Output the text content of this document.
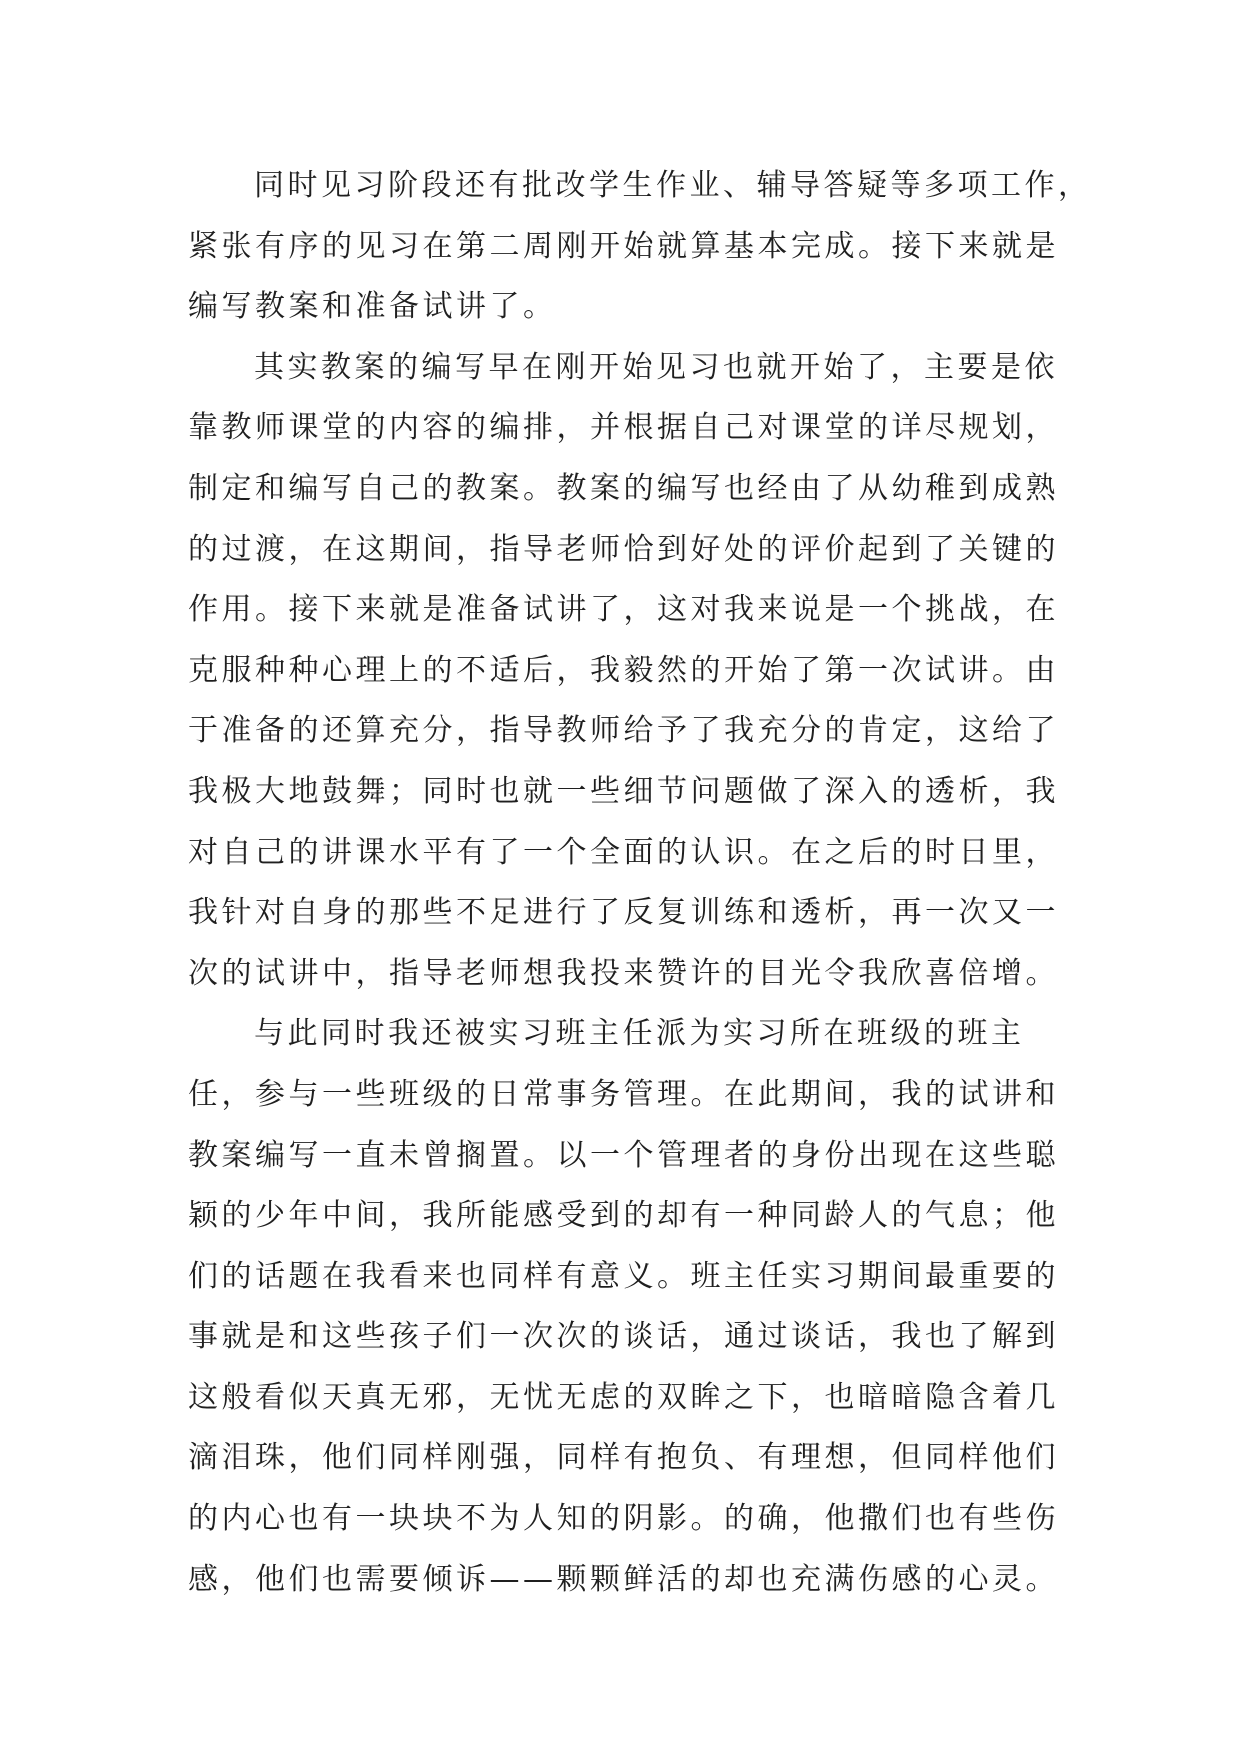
同时见习阶段还有批改学生作业、辅导答疑等多项工作，
紧张有序的见习在第二周刚开始就算基本完成。接下来就是
编写教案和准备试讲了。
其实教案的编写早在刚开始见习也就开始了，主要是依
靠教师课堂的内容的编排，并根据自己对课堂的详尽规划，
制定和编写自己的教案。教案的编写也经由了从幼稚到成熟
的过渡，在这期间，指导老师恰到好处的评价起到了关键的
作用。接下来就是准备试讲了，这对我来说是一个挑战，在
克服种种心理上的不适后，我毅然的开始了第一次试讲。由
于准备的还算充分，指导教师给予了我充分的肯定，这给了
我极大地鼓舞；同时也就一些细节问题做了深入的透析，我
对自己的讲课水平有了一个全面的认识。在之后的时日里，
我针对自身的那些不足进行了反复训练和透析，再一次又一
次的试讲中，指导老师想我投来赞许的目光令我欣喜倍增。
与此同时我还被实习班主任派为实习所在班级的班主
任，参与一些班级的日常事务管理。在此期间，我的试讲和
教案编写一直未曾搁置。以一个管理者的身份出现在这些聪
颖的少年中间，我所能感受到的却有一种同龄人的气息；他
们的话题在我看来也同样有意义。班主任实习期间最重要的
事就是和这些孩子们一次次的谈话，通过谈话，我也了解到
这般看似天真无邪，无忧无虑的双眸之下，也暗暗隐含着几
滴泪珠，他们同样刚强，同样有抱负、有理想，但同样他们
的内心也有一块块不为人知的阴影。的确，他撒们也有些伤
感，他们也需要倾诉——颗颗鲜活的却也充满伤感的心灵。
